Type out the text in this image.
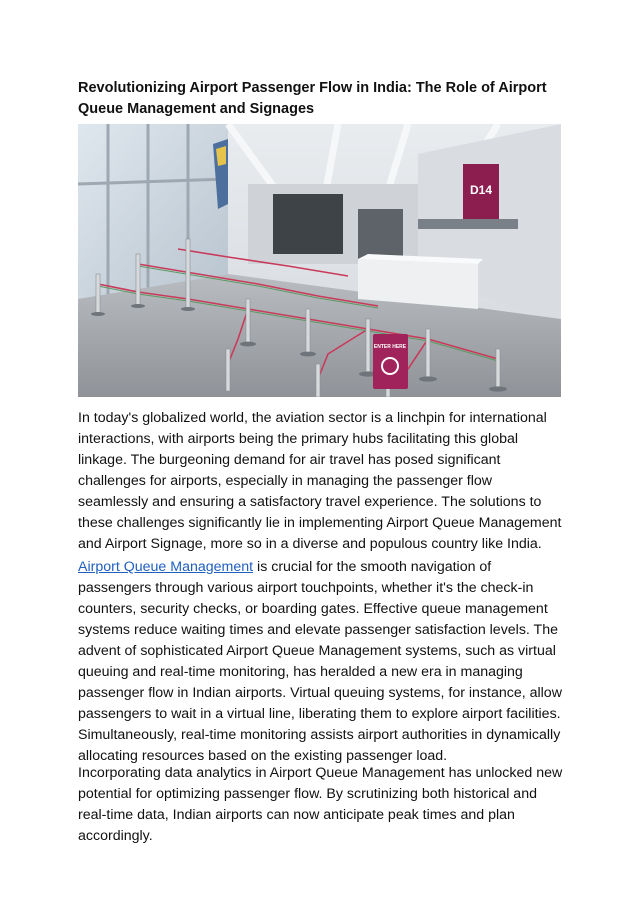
Revolutionizing Airport Passenger Flow in India: The Role of Airport Queue Management and Signages
D14
ENTER HERE

In today's globalized world, the aviation sector is a linchpin for international interactions, with airports being the primary hubs facilitating this global linkage. The burgeoning demand for air travel has posed significant challenges for airports, especially in managing the passenger flow seamlessly and ensuring a satisfactory travel experience. The solutions to these challenges significantly lie in implementing Airport Queue Management and Airport Signage, more so in a diverse and populous country like India.

Airport Queue Management is crucial for the smooth navigation of passengers through various airport touchpoints, whether it's the check-in counters, security checks, or boarding gates. Effective queue management systems reduce waiting times and elevate passenger satisfaction levels. The advent of sophisticated Airport Queue Management systems, such as virtual queuing and real-time monitoring, has heralded a new era in managing passenger flow in Indian airports. Virtual queuing systems, for instance, allow passengers to wait in a virtual line, liberating them to explore airport facilities. Simultaneously, real-time monitoring assists airport authorities in dynamically allocating resources based on the existing passenger load.

Incorporating data analytics in Airport Queue Management has unlocked new potential for optimizing passenger flow. By scrutinizing both historical and real-time data, Indian airports can now anticipate peak times and plan accordingly.
